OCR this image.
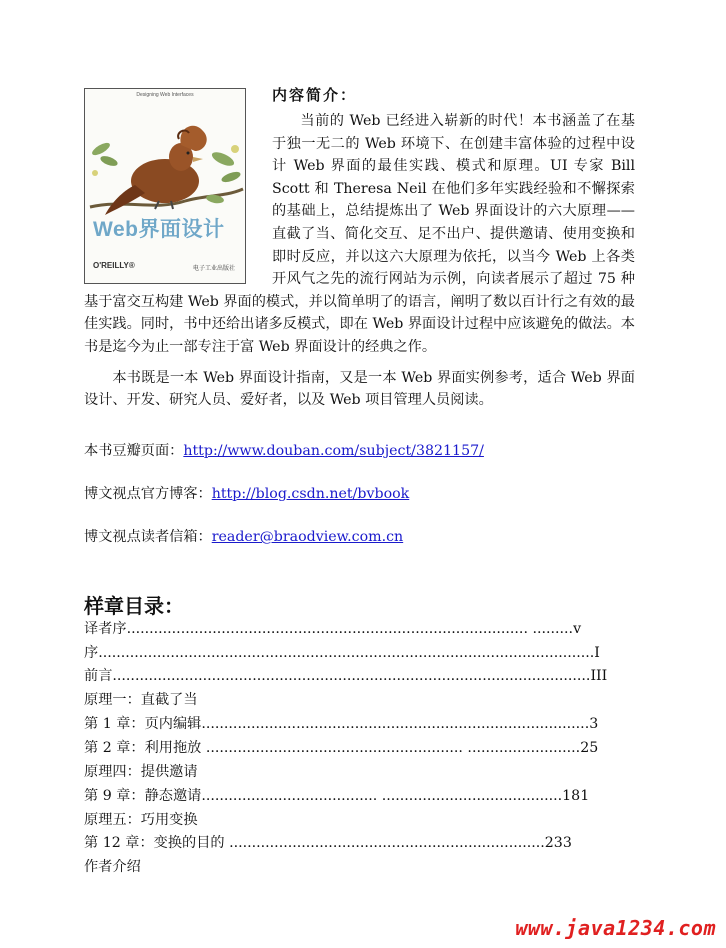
Designing Web Interfaces
Web界面设计
O'REILLY®	电子工业出版社
内容简介：

当前的 Web 已经进入崭新的时代！本书涵盖了在基于独一无二的 Web 环境下、在创建丰富体验的过程中设计 Web 界面的最佳实践、模式和原理。UI 专家 Bill Scott 和 Theresa Neil 在他们多年实践经验和不懈探索的基础上，总结提炼出了 Web 界面设计的六大原理——直截了当、简化交互、足不出户、提供邀请、使用变换和即时反应，并以这六大原理为依托，以当今 Web 上各类开风气之先的流行网站为示例，向读者展示了超过 75 种基于富交互构建 Web 界面的模式，并以简单明了的语言，阐明了数以百计行之有效的最佳实践。同时，书中还给出诸多反模式，即在 Web 界面设计过程中应该避免的做法。本书是迄今为止一部专注于富 Web 界面设计的经典之作。

本书既是一本 Web 界面设计指南，又是一本 Web 界面实例参考，适合 Web 界面设计、开发、研究人员、爱好者，以及 Web 项目管理人员阅读。

本书豆瓣页面：http://www.douban.com/subject/3821157/
博文视点官方博客：http://blog.csdn.net/bvbook
博文视点读者信箱：reader@braodview.com.cn
样章目录：
译者序......................................................................................... .........v
序..............................................................................................................I
前言..........................................................................................................III
原理一：直截了当
第 1 章：页内编辑......................................................................................3
第 2 章：利用拖放 ......................................................... .........................25
原理四：提供邀请
第 9 章：静态邀请....................................... ........................................181
原理五：巧用变换
第 12 章：变换的目的 ......................................................................233
作者介绍
www.java1234.com
